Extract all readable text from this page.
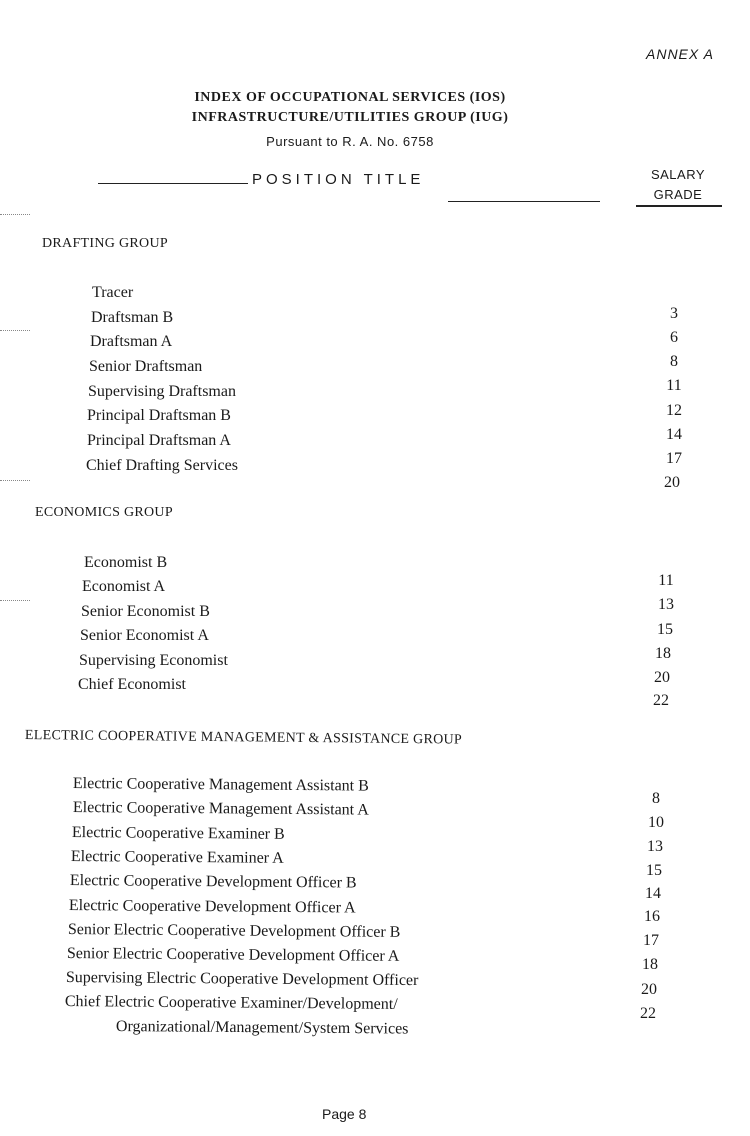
ANNEX A
INDEX OF OCCUPATIONAL SERVICES (IOS)
INFRASTRUCTURE/UTILITIES GROUP (IUG)
Pursuant to R. A. No. 6758
POSITION TITLE	SALARY
GRADE
DRAFTING GROUP
Tracer
Draftsman B
Draftsman A
Senior Draftsman
Supervising Draftsman
Principal Draftsman B
Principal Draftsman A
Chief Drafting Services
3
6
8
11
12
14
17
20
ECONOMICS GROUP
Economist B
Economist A
Senior Economist B
Senior Economist A
Supervising Economist
Chief Economist
11
13
15
18
20
22
ELECTRIC COOPERATIVE MANAGEMENT & ASSISTANCE GROUP
Electric Cooperative Management Assistant B
Electric Cooperative Management Assistant A
Electric Cooperative Examiner B
Electric Cooperative Examiner A
Electric Cooperative Development Officer B
Electric Cooperative Development Officer A
Senior Electric Cooperative Development Officer B
Senior Electric Cooperative Development Officer A
Supervising Electric Cooperative Development Officer
Chief Electric Cooperative Examiner/Development/
Organizational/Management/System Services
8
10
13
15
14
16
17
18
20
22
Page 8
